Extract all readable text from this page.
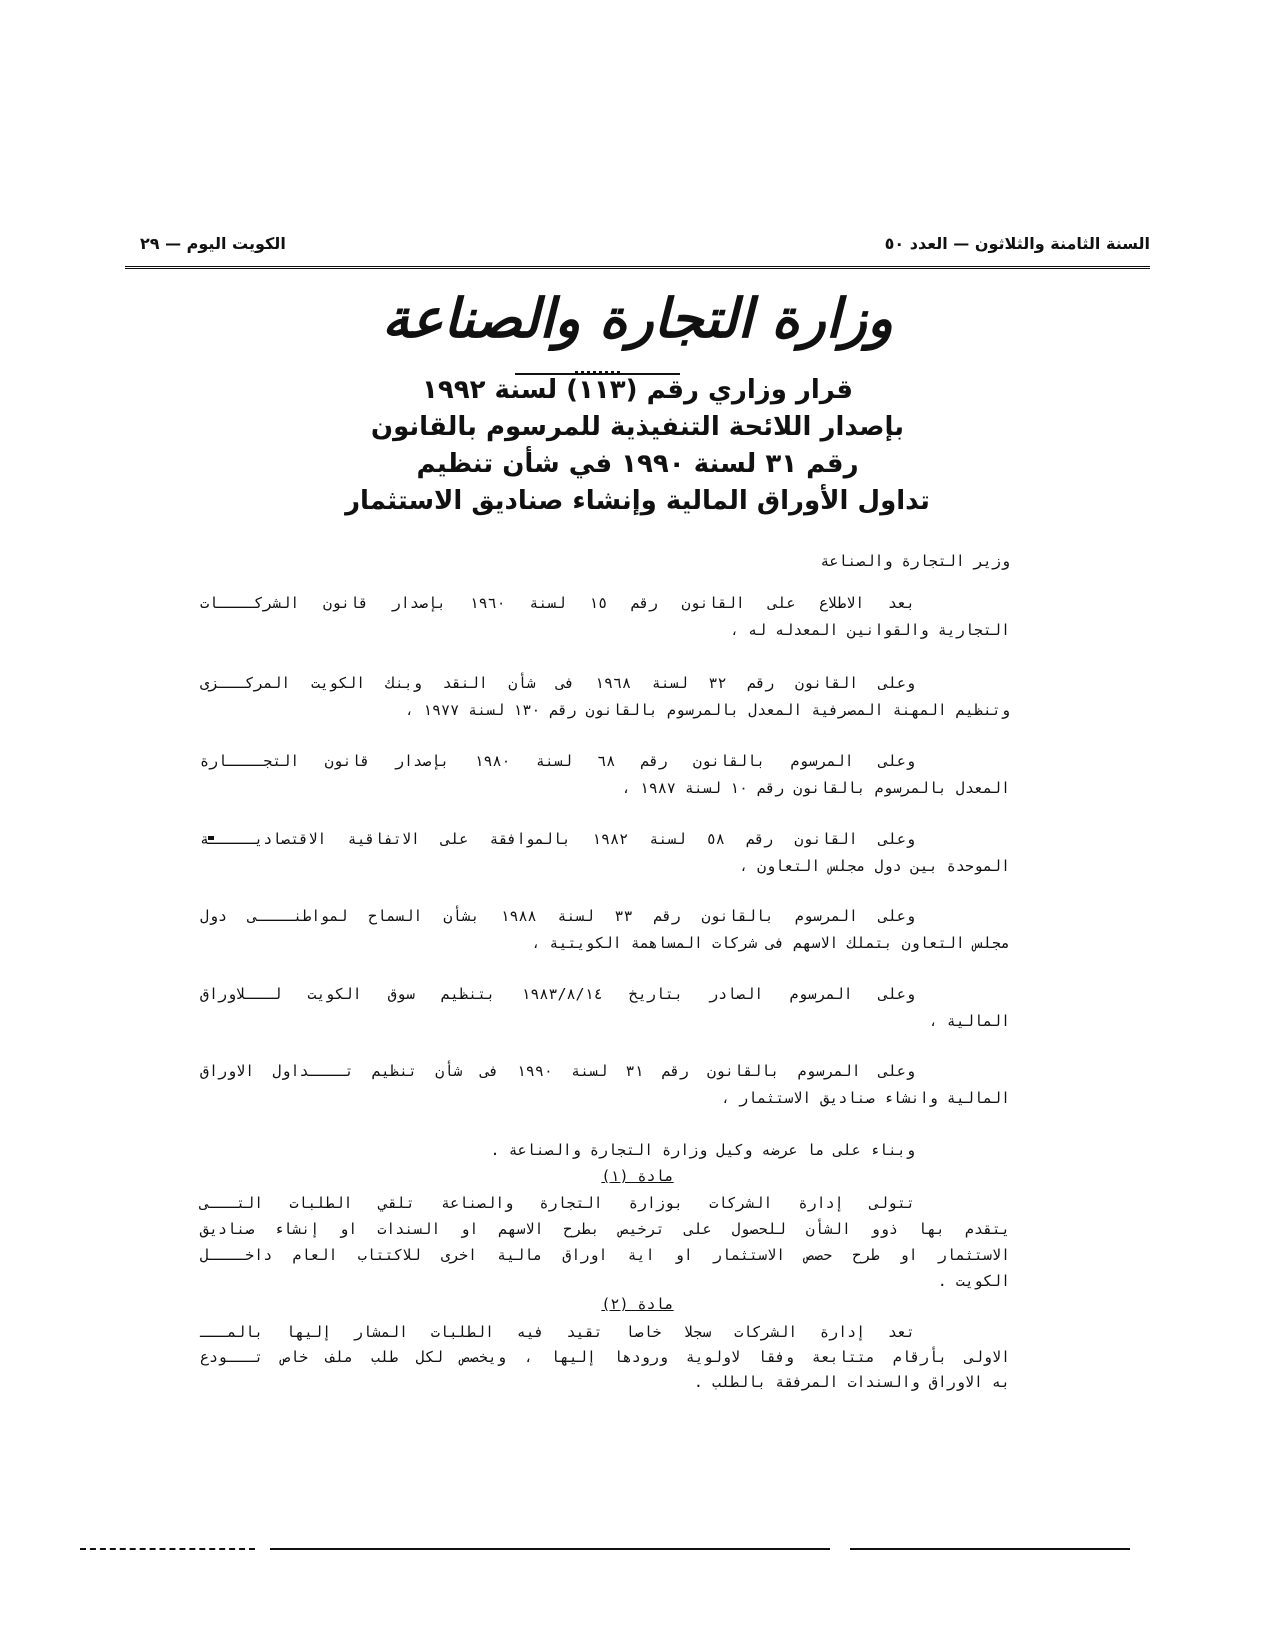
السنة الثامنة والثلاثون — العدد ٥٠
الكويت اليوم — ٢٩
وزارة التجارة والصناعة
قرار وزاري رقم (١١٣) لسنة ١٩٩٢
بإصدار اللائحة التنفيذية للمرسوم بالقانون
رقم ٣١ لسنة ١٩٩٠ في شأن تنظيم
تداول الأوراق المالية وإنشاء صناديق الاستثمار
وزير التجارة والصناعة
بعد الاطلاع على القانون رقم ١٥ لسنة ١٩٦٠ بإصدار قانون الشركــــات
التجارية والقوانين المعدله له ،
وعلى القانون رقم ٣٢ لسنة ١٩٦٨ فى شأن النقد وبنك الكويت المركـــزى
وتنظيم المهنة المصرفية المعدل بالمرسوم بالقانون رقم ١٣٠ لسنة ١٩٧٧ ،
وعلى المرسوم بالقانون رقم ٦٨ لسنة ١٩٨٠ بإصدار قانون التجــــارة
المعدل بالمرسوم بالقانون رقم ١٠ لسنة ١٩٨٧ ،
وعلى القانون رقم ٥٨ لسنة ١٩٨٢ بالموافقة على الاتفاقية الاقتصاديـــــة
الموحدة بين دول مجلس التعاون ،
وعلى المرسوم بالقانون رقم ٣٣ لسنة ١٩٨٨ بشأن السماح لمواطنــــى دول
مجلس التعاون بتملك الاسهم فى شركات المساهمة الكويتية ،
وعلى المرسوم الصادر بتاريخ ١٩٨٣/٨/١٤ بتنظيم سوق الكويت لـــلاوراق
المالية ،
وعلى المرسوم بالقانون رقم ٣١ لسنة ١٩٩٠ فى شأن تنظيم تــــداول الاوراق
المالية وانشاء صناديق الاستثمار ،
وبناء على ما عرضه وكيل وزارة التجارة والصناعة .
مادة (١)
تتولى إدارة الشركات بوزارة التجارة والصناعة تلقي الطلبات التـــى
يتقدم بها ذوو الشأن للحصول على ترخيص بطرح الاسهم او السندات او إنشاء صناديق
الاستثمار او طرح حصص الاستثمار او اية اوراق مالية اخرى للاكتتاب العام داخــــل
الكويت .
مادة (٢)
تعد إدارة الشركات سجلا خاصا تقيد فيه الطلبات المشار إليها بالمـــ
الاولى بأرقام متتابعة وفقا لاولوية ورودها إليها ، ويخصص لكل طلب ملف خاص تـــودع
به الاوراق والسندات المرفقة بالطلب .
